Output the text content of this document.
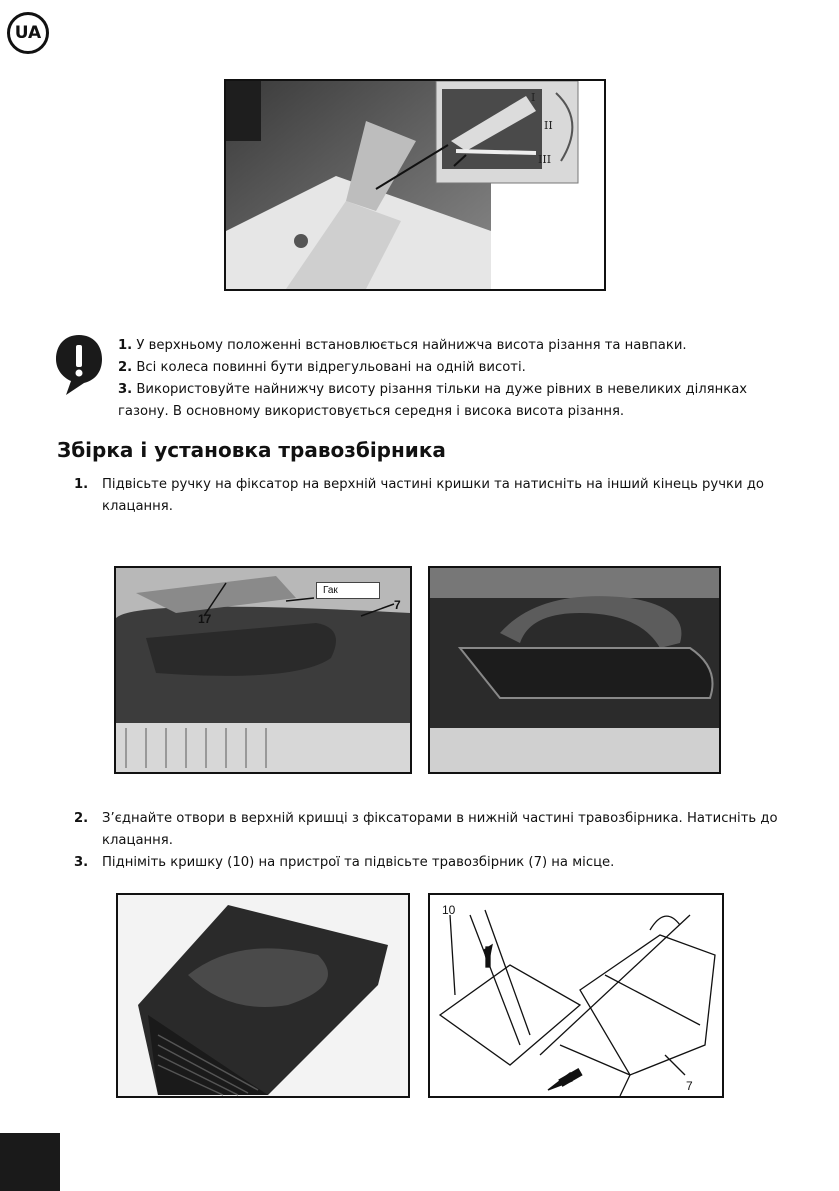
UA
I
II
III

1. У верхньому положенні встановлюється найнижча висота різання та навпаки.

2. Всі колеса повинні бути відрегульовані на одній висоті.

3. Використовуйте найнижчу висоту різання тільки на дуже рівних в невеликих ділянках газону. В основному використовується середня і висока висота різання.

Збірка і установка травозбірника
1. Підвісьте ручку на фіксатор на верхній частині кришки та натисніть на інший кінець ручки до клацання.
Гак
17
7
2. З’єднайте отвори в верхній кришці з фіксаторами в нижній частині травозбірника. Натисніть до клацання.
3. Підніміть кришку (10) на пристрої та підвісьте травозбірник (7) на місце.
10
7
